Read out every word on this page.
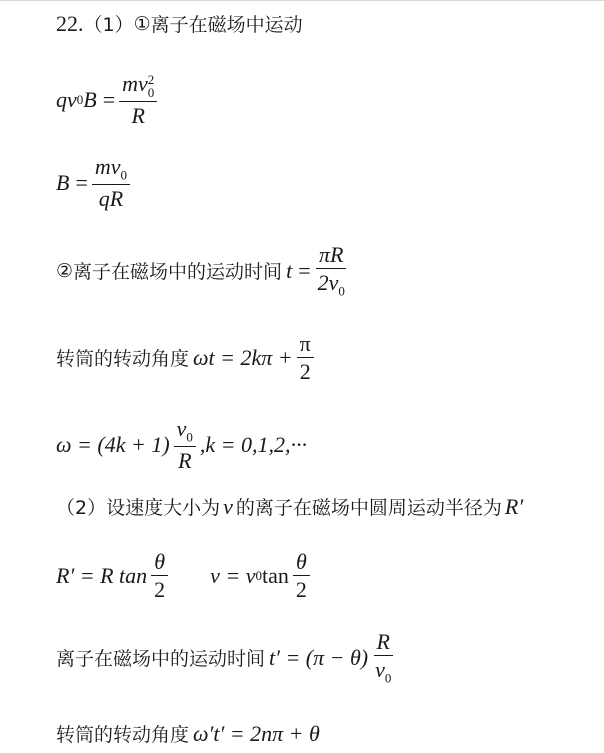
22. （1） ① 离子在磁场中运动
qv 0 B = mv 2
0
R
$B = \frac{mv_0}{qR}$
② 离子在磁场中的运动时间 $t = \frac{\pi R}{2v_0}$
转筒的转动角度 $\omega t = 2k\pi + \frac{\pi}{2}$
$\omega = (4k + 1) \frac{v_0}{R} ,k = 0,1,2,\cdot\cdot\cdot$
（2）设速度大小为 v 的离子在磁场中圆周运动半径为 R′
R′ = R $\tan \frac{\theta}{2}$ v = v 0 $\tan \frac{\theta}{2}$
离子在磁场中的运动时间 $t' = (\pi - \theta) \frac{R}{v_0}$
转筒的转动角度 ω′t′ = 2nπ + θ
